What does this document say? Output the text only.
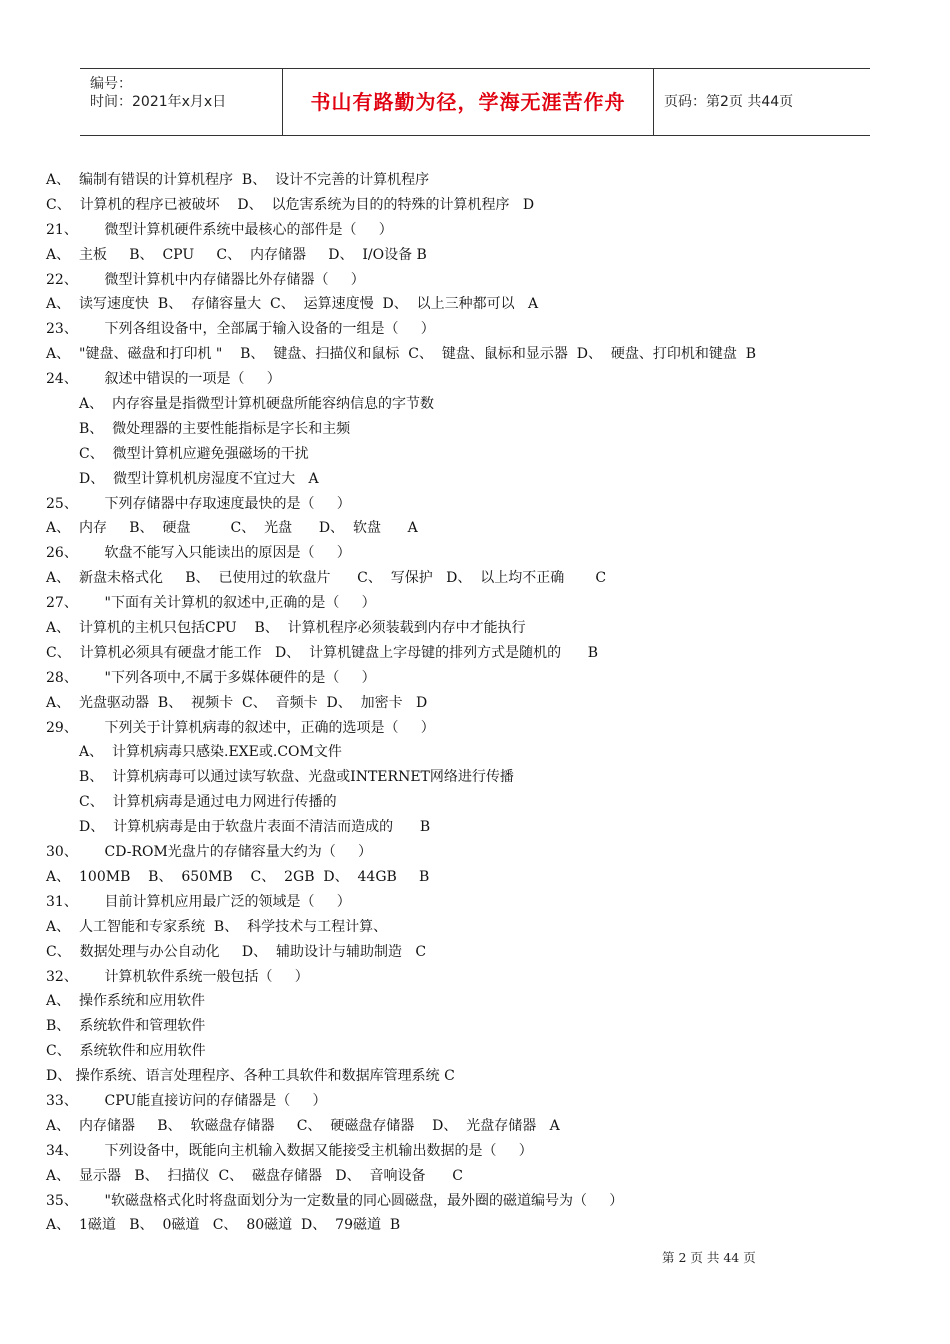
编号：
时间：2021年x月x日	书山有路勤为径，学海无涯苦作舟	页码：第2页 共44页
A、  编制有错误的计算机程序  B、  设计不完善的计算机程序
C、  计算机的程序已被破坏    D、  以危害系统为目的的特殊的计算机程序   D
21、      微型计算机硬件系统中最核心的部件是（     ）
A、  主板     B、  CPU     C、  内存储器     D、  I/O设备 B
22、      微型计算机中内存储器比外存储器（     ）
A、  读写速度快  B、  存储容量大  C、  运算速度慢  D、  以上三种都可以   A
23、      下列各组设备中，全部属于输入设备的一组是（     ）
A、  "键盘、磁盘和打印机 "    B、  键盘、扫描仪和鼠标  C、  键盘、鼠标和显示器  D、  硬盘、打印机和键盘  B
24、      叙述中错误的一项是（     ）
A、  内存容量是指微型计算机硬盘所能容纳信息的字节数
B、  微处理器的主要性能指标是字长和主频
C、  微型计算机应避免强磁场的干扰
D、  微型计算机机房湿度不宜过大   A
25、      下列存储器中存取速度最快的是（     ）
A、  内存     B、  硬盘         C、  光盘      D、  软盘      A
26、      软盘不能写入只能读出的原因是（     ）
A、  新盘未格式化     B、  已使用过的软盘片      C、  写保护   D、  以上均不正确       C
27、      "下面有关计算机的叙述中,正确的是（     ）
A、  计算机的主机只包括CPU    B、  计算机程序必须装载到内存中才能执行
C、  计算机必须具有硬盘才能工作   D、  计算机键盘上字母键的排列方式是随机的      B
28、      "下列各项中,不属于多媒体硬件的是（     ）
A、  光盘驱动器  B、  视频卡  C、  音频卡  D、  加密卡   D
29、      下列关于计算机病毒的叙述中，正确的选项是（     ）
A、  计算机病毒只感染.EXE或.COM文件
B、  计算机病毒可以通过读写软盘、光盘或INTERNET网络进行传播
C、  计算机病毒是通过电力网进行传播的
D、  计算机病毒是由于软盘片表面不清洁而造成的      B
30、      CD-ROM光盘片的存储容量大约为（     ）
A、  100MB    B、  650MB    C、  2GB  D、  44GB     B
31、      目前计算机应用最广泛的领域是（     ）
A、  人工智能和专家系统  B、  科学技术与工程计算、
C、  数据处理与办公自动化     D、  辅助设计与辅助制造   C
32、      计算机软件系统一般包括（     ）
A、  操作系统和应用软件
B、  系统软件和管理软件
C、  系统软件和应用软件
D、 操作系统、语言处理程序、各种工具软件和数据库管理系统 C
33、      CPU能直接访问的存储器是（     ）
A、  内存储器     B、  软磁盘存储器     C、  硬磁盘存储器    D、  光盘存储器   A
34、      下列设备中，既能向主机输入数据又能接受主机输出数据的是（     ）
A、  显示器   B、  扫描仪  C、  磁盘存储器   D、  音响设备      C
35、      "软磁盘格式化时将盘面划分为一定数量的同心圆磁盘，最外圈的磁道编号为（     ）
A、  1磁道   B、  0磁道   C、  80磁道  D、  79磁道  B
第 2 页 共 44 页
